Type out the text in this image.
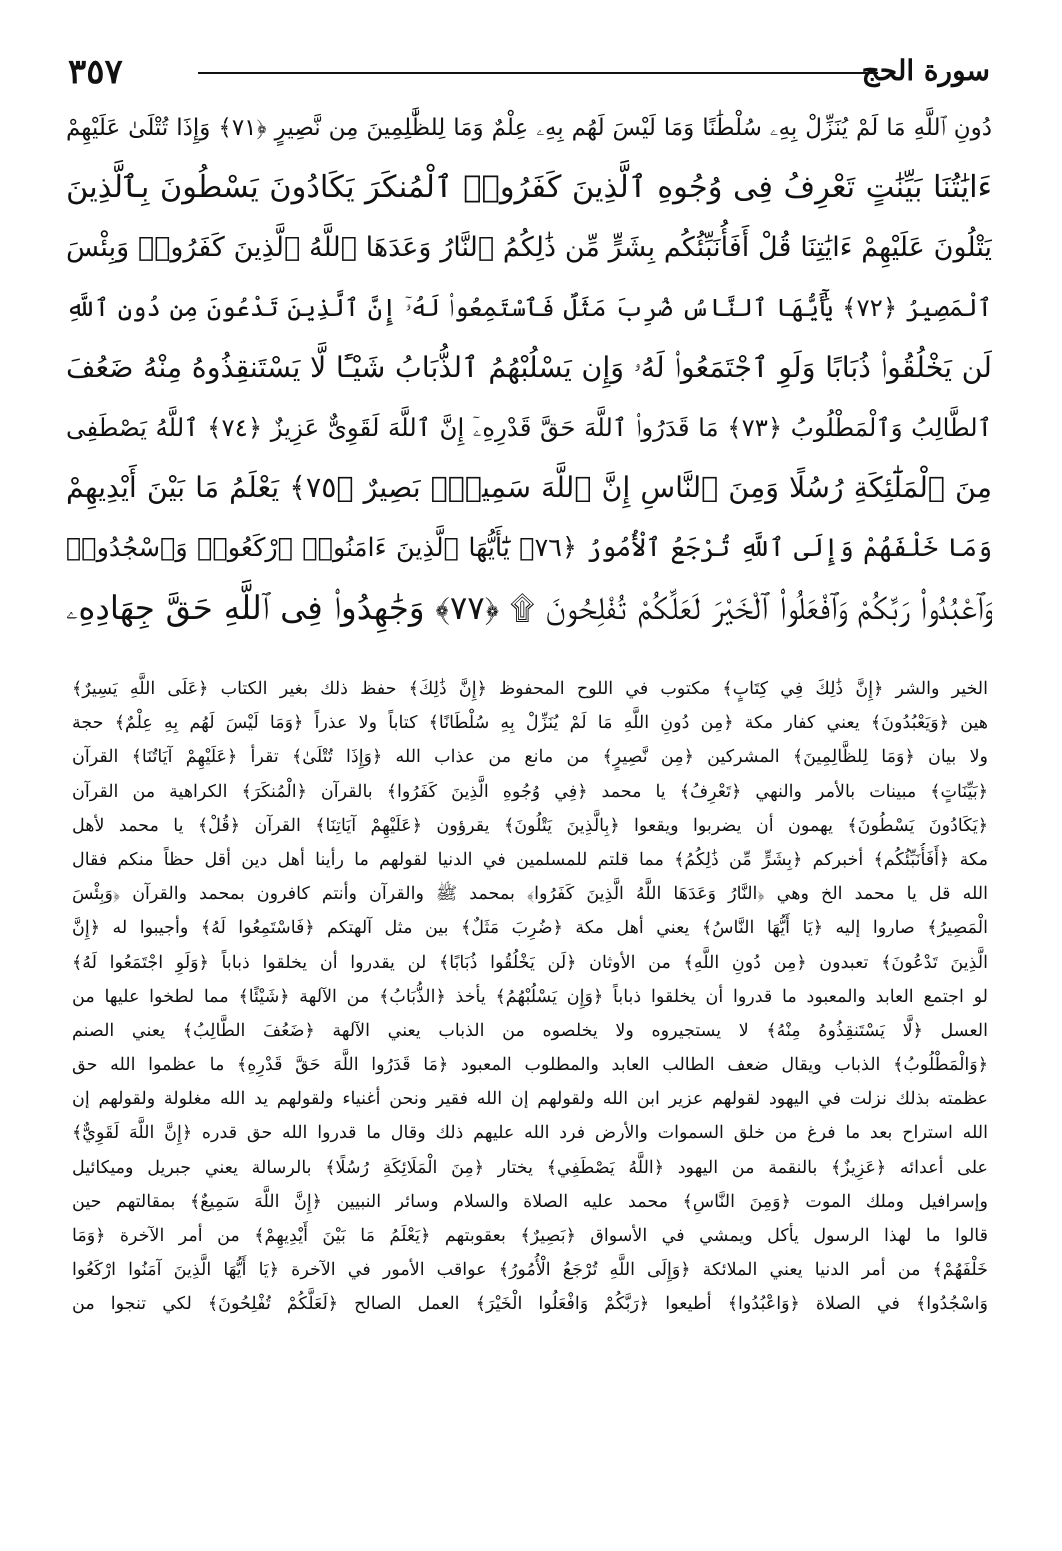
٣٥٧	سورة الحج
دُونِ ٱللَّهِ مَا لَمْ يُنَزِّلْ بِهِۦ سُلْطَٰنًا وَمَا لَيْسَ لَهُم بِهِۦ عِلْمٌ وَمَا لِلظَّٰلِمِينَ مِن نَّصِيرٍ ﴿٧١﴾ وَإِذَا تُتْلَىٰ عَلَيْهِمْ
ءَايَٰتُنَا بَيِّنَٰتٍ تَعْرِفُ فِى وُجُوهِ ٱلَّذِينَ كَفَرُوا۟ ٱلْمُنكَرَ يَكَادُونَ يَسْطُونَ بِٱلَّذِينَ
يَتْلُونَ عَلَيْهِمْ ءَايَٰتِنَا قُلْ أَفَأُنَبِّئُكُم بِشَرٍّ مِّن ذَٰلِكُمُ ٱلنَّارُ وَعَدَهَا ٱللَّهُ ٱلَّذِينَ كَفَرُوا۟ وَبِئْسَ
ٱلْمَصِيرُ ﴿٧٢﴾ يَٰٓأَيُّهَا ٱلنَّاسُ ضُرِبَ مَثَلٌ فَٱسْتَمِعُوا۟ لَهُۥٓ إِنَّ ٱلَّذِينَ تَدْعُونَ مِن دُونِ ٱللَّهِ
لَن يَخْلُقُوا۟ ذُبَابًا وَلَوِ ٱجْتَمَعُوا۟ لَهُۥ وَإِن يَسْلُبْهُمُ ٱلذُّبَابُ شَيْـًٔا لَّا يَسْتَنقِذُوهُ مِنْهُ ضَعُفَ
ٱلطَّالِبُ وَٱلْمَطْلُوبُ ﴿٧٣﴾ مَا قَدَرُوا۟ ٱللَّهَ حَقَّ قَدْرِهِۦٓ إِنَّ ٱللَّهَ لَقَوِىٌّ عَزِيزٌ ﴿٧٤﴾ ٱللَّهُ يَصْطَفِى
مِنَ ٱلْمَلَٰٓئِكَةِ رُسُلًا وَمِنَ ٱلنَّاسِ إِنَّ ٱللَّهَ سَمِيعٌۢ بَصِيرٌ ﴿٧٥﴾ يَعْلَمُ مَا بَيْنَ أَيْدِيهِمْ
وَمَا خَلْفَهُمْ وَإِلَى ٱللَّهِ تُرْجَعُ ٱلْأُمُورُ ﴿٧٦﴾ يَٰٓأَيُّهَا ٱلَّذِينَ ءَامَنُوا۟ ٱرْكَعُوا۟ وَٱسْجُدُوا۟
وَٱعْبُدُوا۟ رَبَّكُمْ وَٱفْعَلُوا۟ ٱلْخَيْرَ لَعَلَّكُمْ تُفْلِحُونَ ۩ ﴿٧٧﴾ وَجَٰهِدُوا۟ فِى ٱللَّهِ حَقَّ جِهَادِهِۦ
الخير والشر ﴿إِنَّ ذَٰلِكَ فِي كِتَابٍ﴾ مكتوب في اللوح المحفوظ ﴿إِنَّ ذَٰلِكَ﴾ حفظ ذلك بغير الكتاب ﴿عَلَى اللَّهِ يَسِيرٌ﴾
هين ﴿وَيَعْبُدُونَ﴾ يعني كفار مكة ﴿مِن دُونِ اللَّهِ مَا لَمْ يُنَزِّلْ بِهِ سُلْطَانًا﴾ كتاباً ولا عذراً ﴿وَمَا لَيْسَ لَهُم بِهِ عِلْمٌ﴾ حجة
ولا بيان ﴿وَمَا لِلظَّالِمِينَ﴾ المشركين ﴿مِن نَّصِيرٍ﴾ من مانع من عذاب الله ﴿وَإِذَا تُتْلَىٰ﴾ تقرأ ﴿عَلَيْهِمْ آيَاتُنَا﴾ القرآن
﴿بَيِّنَاتٍ﴾ مبينات بالأمر والنهي ﴿تَعْرِفُ﴾ يا محمد ﴿فِي وُجُوهِ الَّذِينَ كَفَرُوا﴾ بالقرآن ﴿الْمُنكَرَ﴾ الكراهية من القرآن
﴿يَكَادُونَ يَسْطُونَ﴾ يهمون أن يضربوا ويقعوا ﴿بِالَّذِينَ يَتْلُونَ﴾ يقرؤون ﴿عَلَيْهِمْ آيَاتِنَا﴾ القرآن ﴿قُلْ﴾ يا محمد لأهل
مكة ﴿أَفَأُنَبِّئُكُم﴾ أخبركم ﴿بِشَرٍّ مِّن ذَٰلِكُمُ﴾ مما قلتم للمسلمين في الدنيا لقولهم ما رأينا أهل دين أقل حظاً منكم فقال
الله قل يا محمد الخ وهي ﴿النَّارُ وَعَدَهَا اللَّهُ الَّذِينَ كَفَرُوا﴾ بمحمد ﷺ والقرآن وأنتم كافرون بمحمد والقرآن ﴿وَبِئْسَ
الْمَصِيرُ﴾ صاروا إليه ﴿يَا أَيُّهَا النَّاسُ﴾ يعني أهل مكة ﴿ضُرِبَ مَثَلٌ﴾ بين مثل آلهتكم ﴿فَاسْتَمِعُوا لَهُ﴾ وأجيبوا له ﴿إِنَّ
الَّذِينَ تَدْعُونَ﴾ تعبدون ﴿مِن دُونِ اللَّهِ﴾ من الأوثان ﴿لَن يَخْلُقُوا ذُبَابًا﴾ لن يقدروا أن يخلقوا ذباباً ﴿وَلَوِ اجْتَمَعُوا لَهُ﴾
لو اجتمع العابد والمعبود ما قدروا أن يخلقوا ذباباً ﴿وَإِن يَسْلُبْهُمُ﴾ يأخذ ﴿الذُّبَابُ﴾ من الآلهة ﴿شَيْئًا﴾ مما لطخوا عليها من
العسل ﴿لَّا يَسْتَنقِذُوهُ مِنْهُ﴾ لا يستجيروه ولا يخلصوه من الذباب يعني الآلهة ﴿ضَعُفَ الطَّالِبُ﴾ يعني الصنم
﴿وَالْمَطْلُوبُ﴾ الذباب ويقال ضعف الطالب العابد والمطلوب المعبود ﴿مَا قَدَرُوا اللَّهَ حَقَّ قَدْرِهِ﴾ ما عظموا الله حق
عظمته بذلك نزلت في اليهود لقولهم عزير ابن الله ولقولهم إن الله فقير ونحن أغنياء ولقولهم يد الله مغلولة ولقولهم إن
الله استراح بعد ما فرغ من خلق السموات والأرض فرد الله عليهم ذلك وقال ما قدروا الله حق قدره ﴿إِنَّ اللَّهَ لَقَوِيٌّ﴾
على أعدائه ﴿عَزِيزٌ﴾ بالنقمة من اليهود ﴿اللَّهُ يَصْطَفِي﴾ يختار ﴿مِنَ الْمَلَائِكَةِ رُسُلًا﴾ بالرسالة يعني جبريل وميكائيل
وإسرافيل وملك الموت ﴿وَمِنَ النَّاسِ﴾ محمد عليه الصلاة والسلام وسائر النبيين ﴿إِنَّ اللَّهَ سَمِيعٌ﴾ بمقالتهم حين
قالوا ما لهذا الرسول يأكل ويمشي في الأسواق ﴿بَصِيرٌ﴾ بعقوبتهم ﴿يَعْلَمُ مَا بَيْنَ أَيْدِيهِمْ﴾ من أمر الآخرة ﴿وَمَا
خَلْفَهُمْ﴾ من أمر الدنيا يعني الملائكة ﴿وَإِلَى اللَّهِ تُرْجَعُ الْأُمُورُ﴾ عواقب الأمور في الآخرة ﴿يَا أَيُّهَا الَّذِينَ آمَنُوا ارْكَعُوا
وَاسْجُدُوا﴾ في الصلاة ﴿وَاعْبُدُوا﴾ أطيعوا ﴿رَبَّكُمْ وَافْعَلُوا الْخَيْرَ﴾ العمل الصالح ﴿لَعَلَّكُمْ تُفْلِحُونَ﴾ لكي تنجوا من
